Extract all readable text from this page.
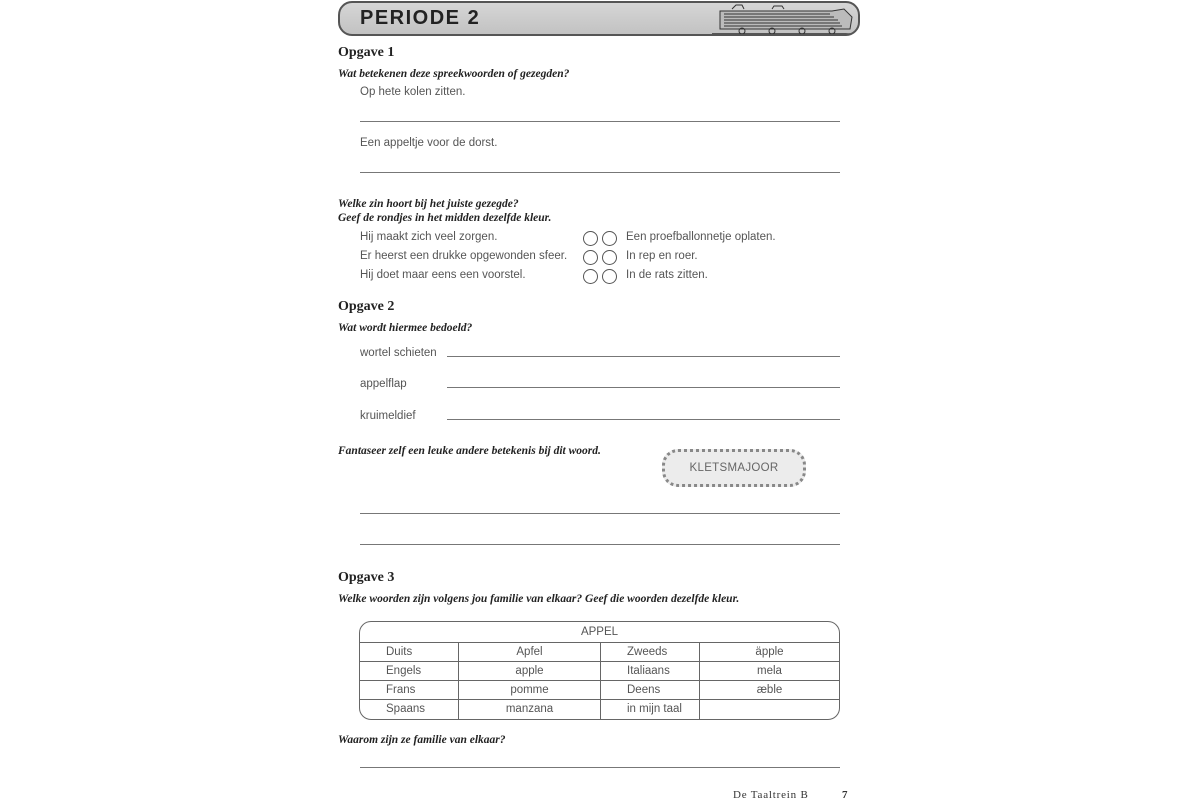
PERIODE 2
Opgave 1
Wat betekenen deze spreekwoorden of gezegden?
Op hete kolen zitten.
Een appeltje voor de dorst.
Welke zin hoort bij het juiste gezegde?
Geef de rondjes in het midden dezelfde kleur.
Hij maakt zich veel zorgen.
Er heerst een drukke opgewonden sfeer.
Hij doet maar eens een voorstel.
Een proefballonnetje oplaten.
In rep en roer.
In de rats zitten.
Opgave 2
Wat wordt hiermee bedoeld?
wortel schieten
appelflap
kruimeldief
Fantaseer zelf een leuke andere betekenis bij dit woord.
KLETSMAJOOR
Opgave 3
Welke woorden zijn volgens jou familie van elkaar? Geef die woorden dezelfde kleur.
APPEL
Duits	Apfel	Zweeds	äpple
Engels	apple	Italiaans	mela
Frans	pomme	Deens	æble
Spaans	manzana	in mijn taal
Waarom zijn ze familie van elkaar?
De Taaltrein B	7
